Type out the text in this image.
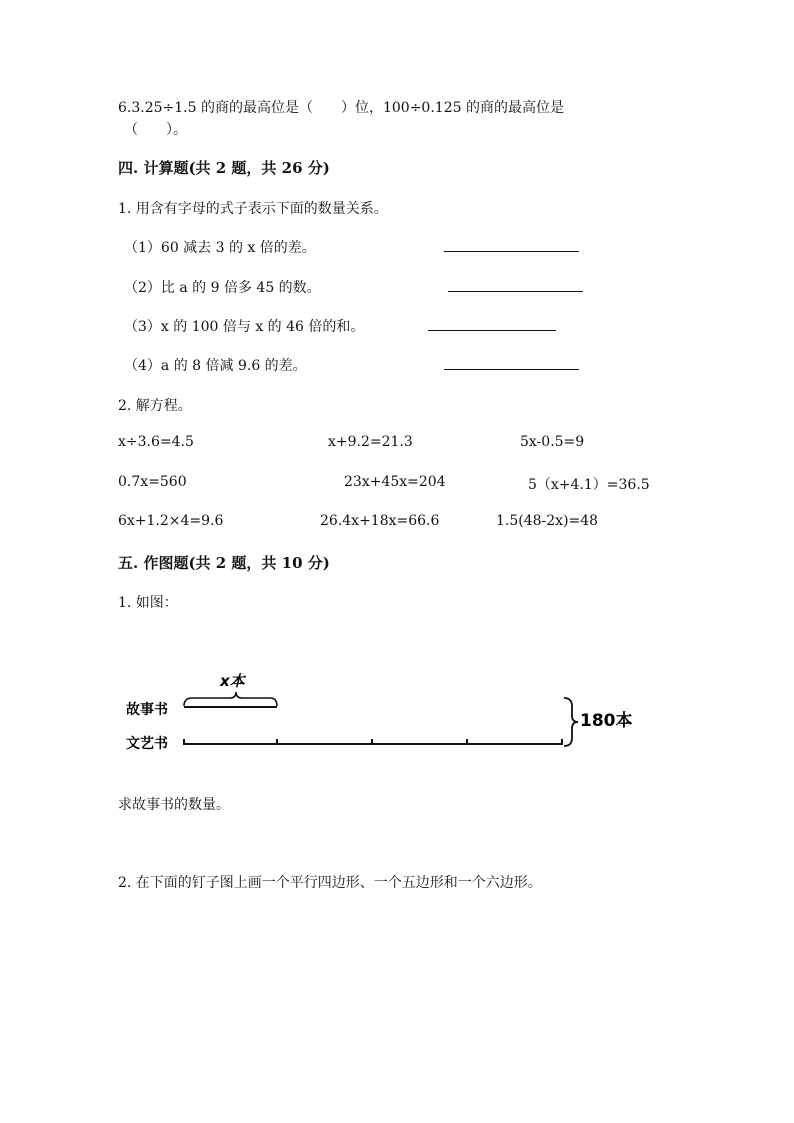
6.3.25÷1.5 的商的最高位是（　　）位，100÷0.125 的商的最高位是
（　　）。
四. 计算题(共 2 题，共 26 分)
1. 用含有字母的式子表示下面的数量关系。
（1）60 减去 3 的 x 倍的差。
（2）比 a 的 9 倍多 45 的数。
（3）x 的 100 倍与 x 的 46 倍的和。
（4）a 的 8 倍减 9.6 的差。
2. 解方程。
x÷3.6=4.5	x+9.2=21.3	5x-0.5=9
0.7x=560	23x+45x=204	5（x+4.1）=36.5
6x+1.2×4=9.6	26.4x+18x=66.6	1.5(48-2x)=48
五. 作图题(共 2 题，共 10 分)
1. 如图：
x本
故事书
文艺书
180本
求故事书的数量。
2. 在下面的钉子图上画一个平行四边形、一个五边形和一个六边形。
